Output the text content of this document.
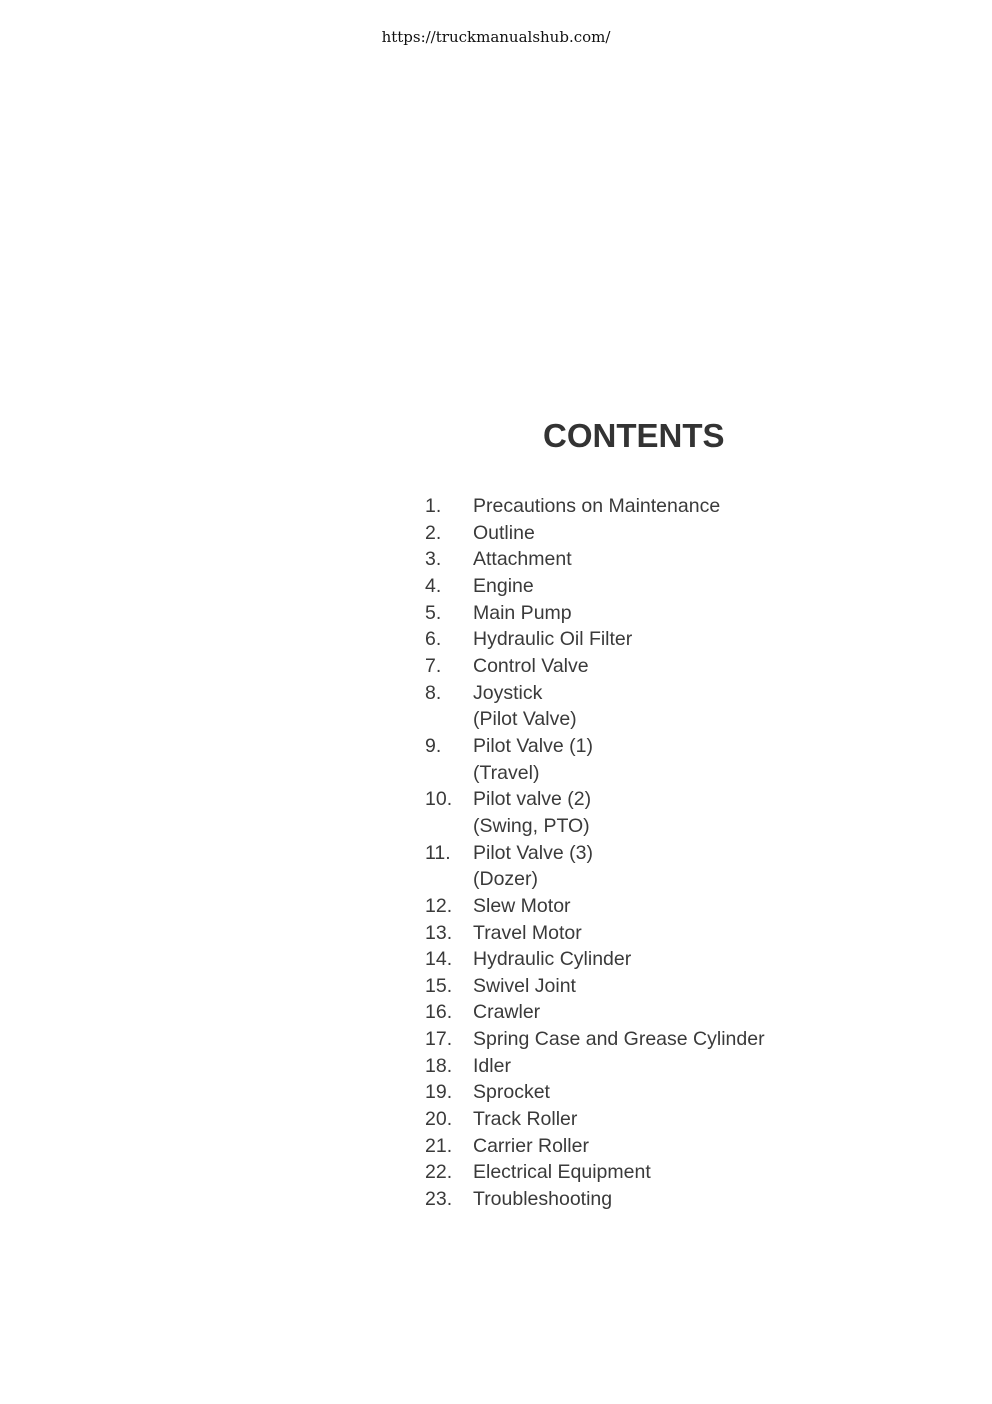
https://truckmanualshub.com/
CONTENTS
1.	Precautions on Maintenance
2.	Outline
3.	Attachment
4.	Engine
5.	Main Pump
6.	Hydraulic Oil Filter
7.	Control Valve
8.	Joystick
(Pilot Valve)
9.	Pilot Valve (1)
(Travel)
10.	Pilot valve (2)
(Swing, PTO)
11.	Pilot Valve (3)
(Dozer)
12.	Slew Motor
13.	Travel Motor
14.	Hydraulic Cylinder
15.	Swivel Joint
16.	Crawler
17.	Spring Case and Grease Cylinder
18.	Idler
19.	Sprocket
20.	Track Roller
21.	Carrier Roller
22.	Electrical Equipment
23.	Troubleshooting
